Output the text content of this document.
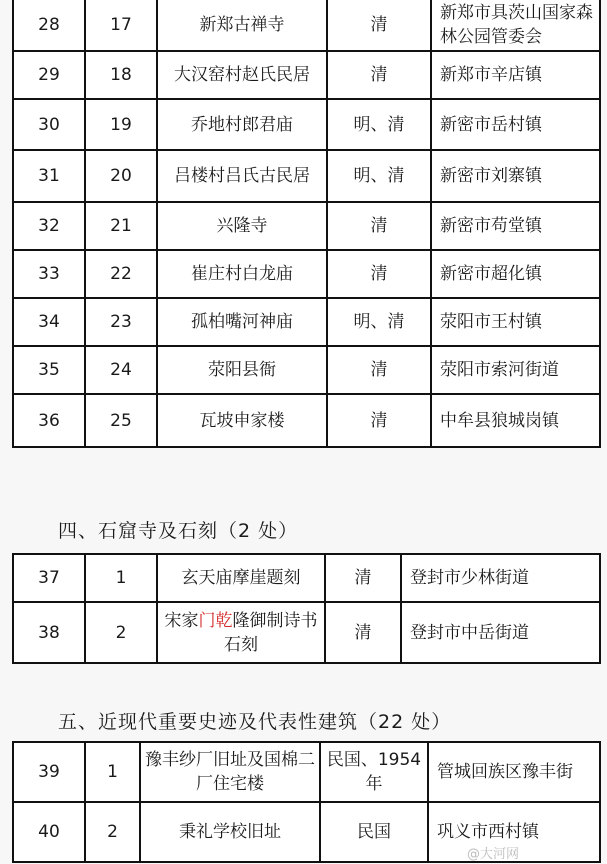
28	17	新郑古禅寺	清	新郑市具茨山国家森林公园管委会
29	18	大汉窑村赵氏民居	清	新郑市辛店镇
30	19	乔地村郎君庙	明、清	新密市岳村镇
31	20	吕楼村吕氏古民居	明、清	新密市刘寨镇
32	21	兴隆寺	清	新密市苟堂镇
33	22	崔庄村白龙庙	清	新密市超化镇
34	23	孤柏嘴河神庙	明、清	荥阳市王村镇
35	24	荥阳县衙	清	荥阳市索河街道
36	25	瓦坡申家楼	清	中牟县狼城岗镇
四、石窟寺及石刻（2 处）
37	1	玄天庙摩崖题刻	清	登封市少林街道
38	2	宋家门乾隆御制诗书石刻	清	登封市中岳街道
五、近现代重要史迹及代表性建筑（22 处）
39	1	豫丰纱厂旧址及国棉二厂住宅楼	民国、1954年	管城回族区豫丰街
40	2	秉礼学校旧址	民国	巩义市西村镇
@大河网
